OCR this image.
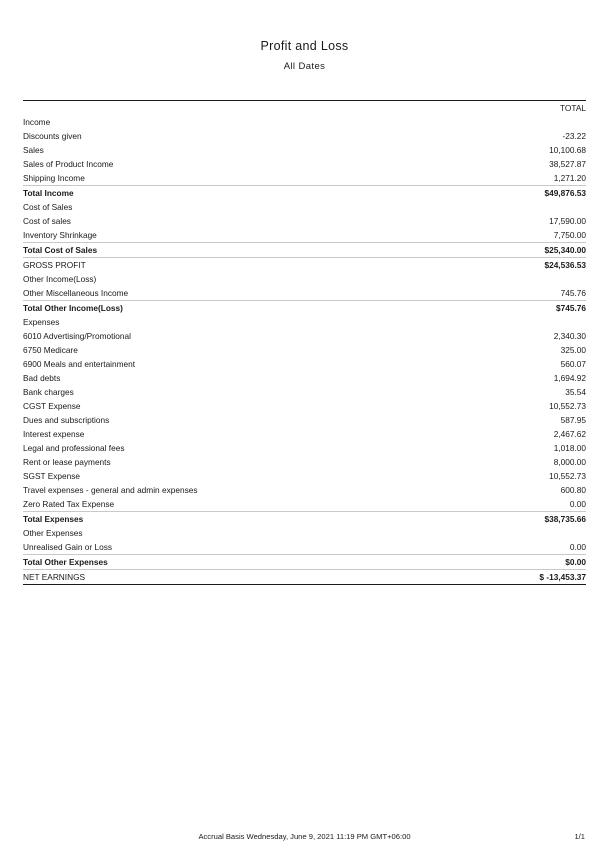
Profit and Loss
All Dates
	TOTAL
Income	
Discounts given	-23.22
Sales	10,100.68
Sales of Product Income	38,527.87
Shipping Income	1,271.20
Total Income	$49,876.53
Cost of Sales	
Cost of sales	17,590.00
Inventory Shrinkage	7,750.00
Total Cost of Sales	$25,340.00
GROSS PROFIT	$24,536.53
Other Income(Loss)	
Other Miscellaneous Income	745.76
Total Other Income(Loss)	$745.76
Expenses	
6010 Advertising/Promotional	2,340.30
6750 Medicare	325.00
6900 Meals and entertainment	560.07
Bad debts	1,694.92
Bank charges	35.54
CGST Expense	10,552.73
Dues and subscriptions	587.95
Interest expense	2,467.62
Legal and professional fees	1,018.00
Rent or lease payments	8,000.00
SGST Expense	10,552.73
Travel expenses - general and admin expenses	600.80
Zero Rated Tax Expense	0.00
Total Expenses	$38,735.66
Other Expenses	
Unrealised Gain or Loss	0.00
Total Other Expenses	$0.00
NET EARNINGS	$ -13,453.37
Accrual Basis Wednesday, June 9, 2021 11:19 PM GMT+06:00	1/1
